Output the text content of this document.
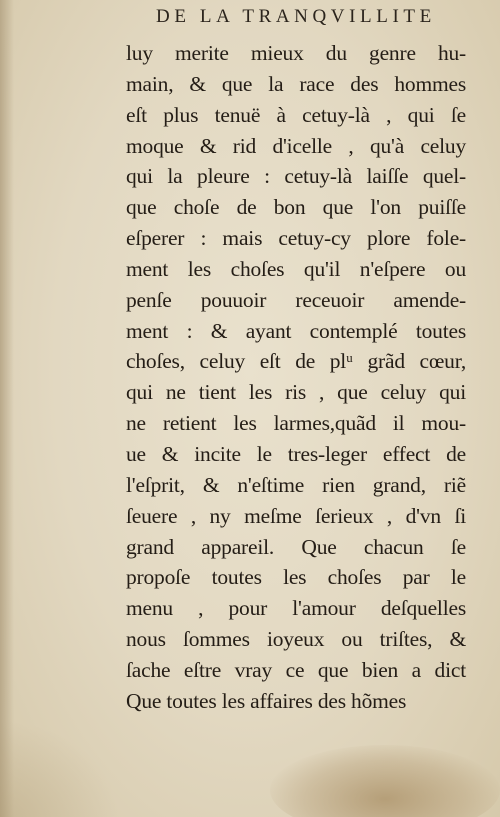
DE LA TRANQVILLITE
luy merite mieux du genre hu-
main, & que la race des hommes
eſt plus tenuë à cetuy-là , qui ſe
moque & rid d'icelle , qu'à celuy
qui la pleure : cetuy-là laiſſe quel-
que choſe de bon que l'on puiſſe
eſperer : mais cetuy-cy plore fole-
ment les choſes qu'il n'eſpere ou
penſe pouuoir receuoir amende-
ment : & ayant contemplé toutes
choſes, celuy eſt de plᵘ grãd cœur,
qui ne tient les ris , que celuy qui
ne retient les larmes,quãd il mou-
ue & incite le tres-leger effect de
l'eſprit, & n'eſtime rien grand, riẽ
ſeuere , ny meſme ſerieux , d'vn ſi
grand appareil. Que chacun ſe
propoſe toutes les choſes par le
menu , pour l'amour deſquelles
nous ſommes ioyeux ou triſtes, &
ſache eſtre vray ce que bien a dict
Que toutes les affaires des hõmes
